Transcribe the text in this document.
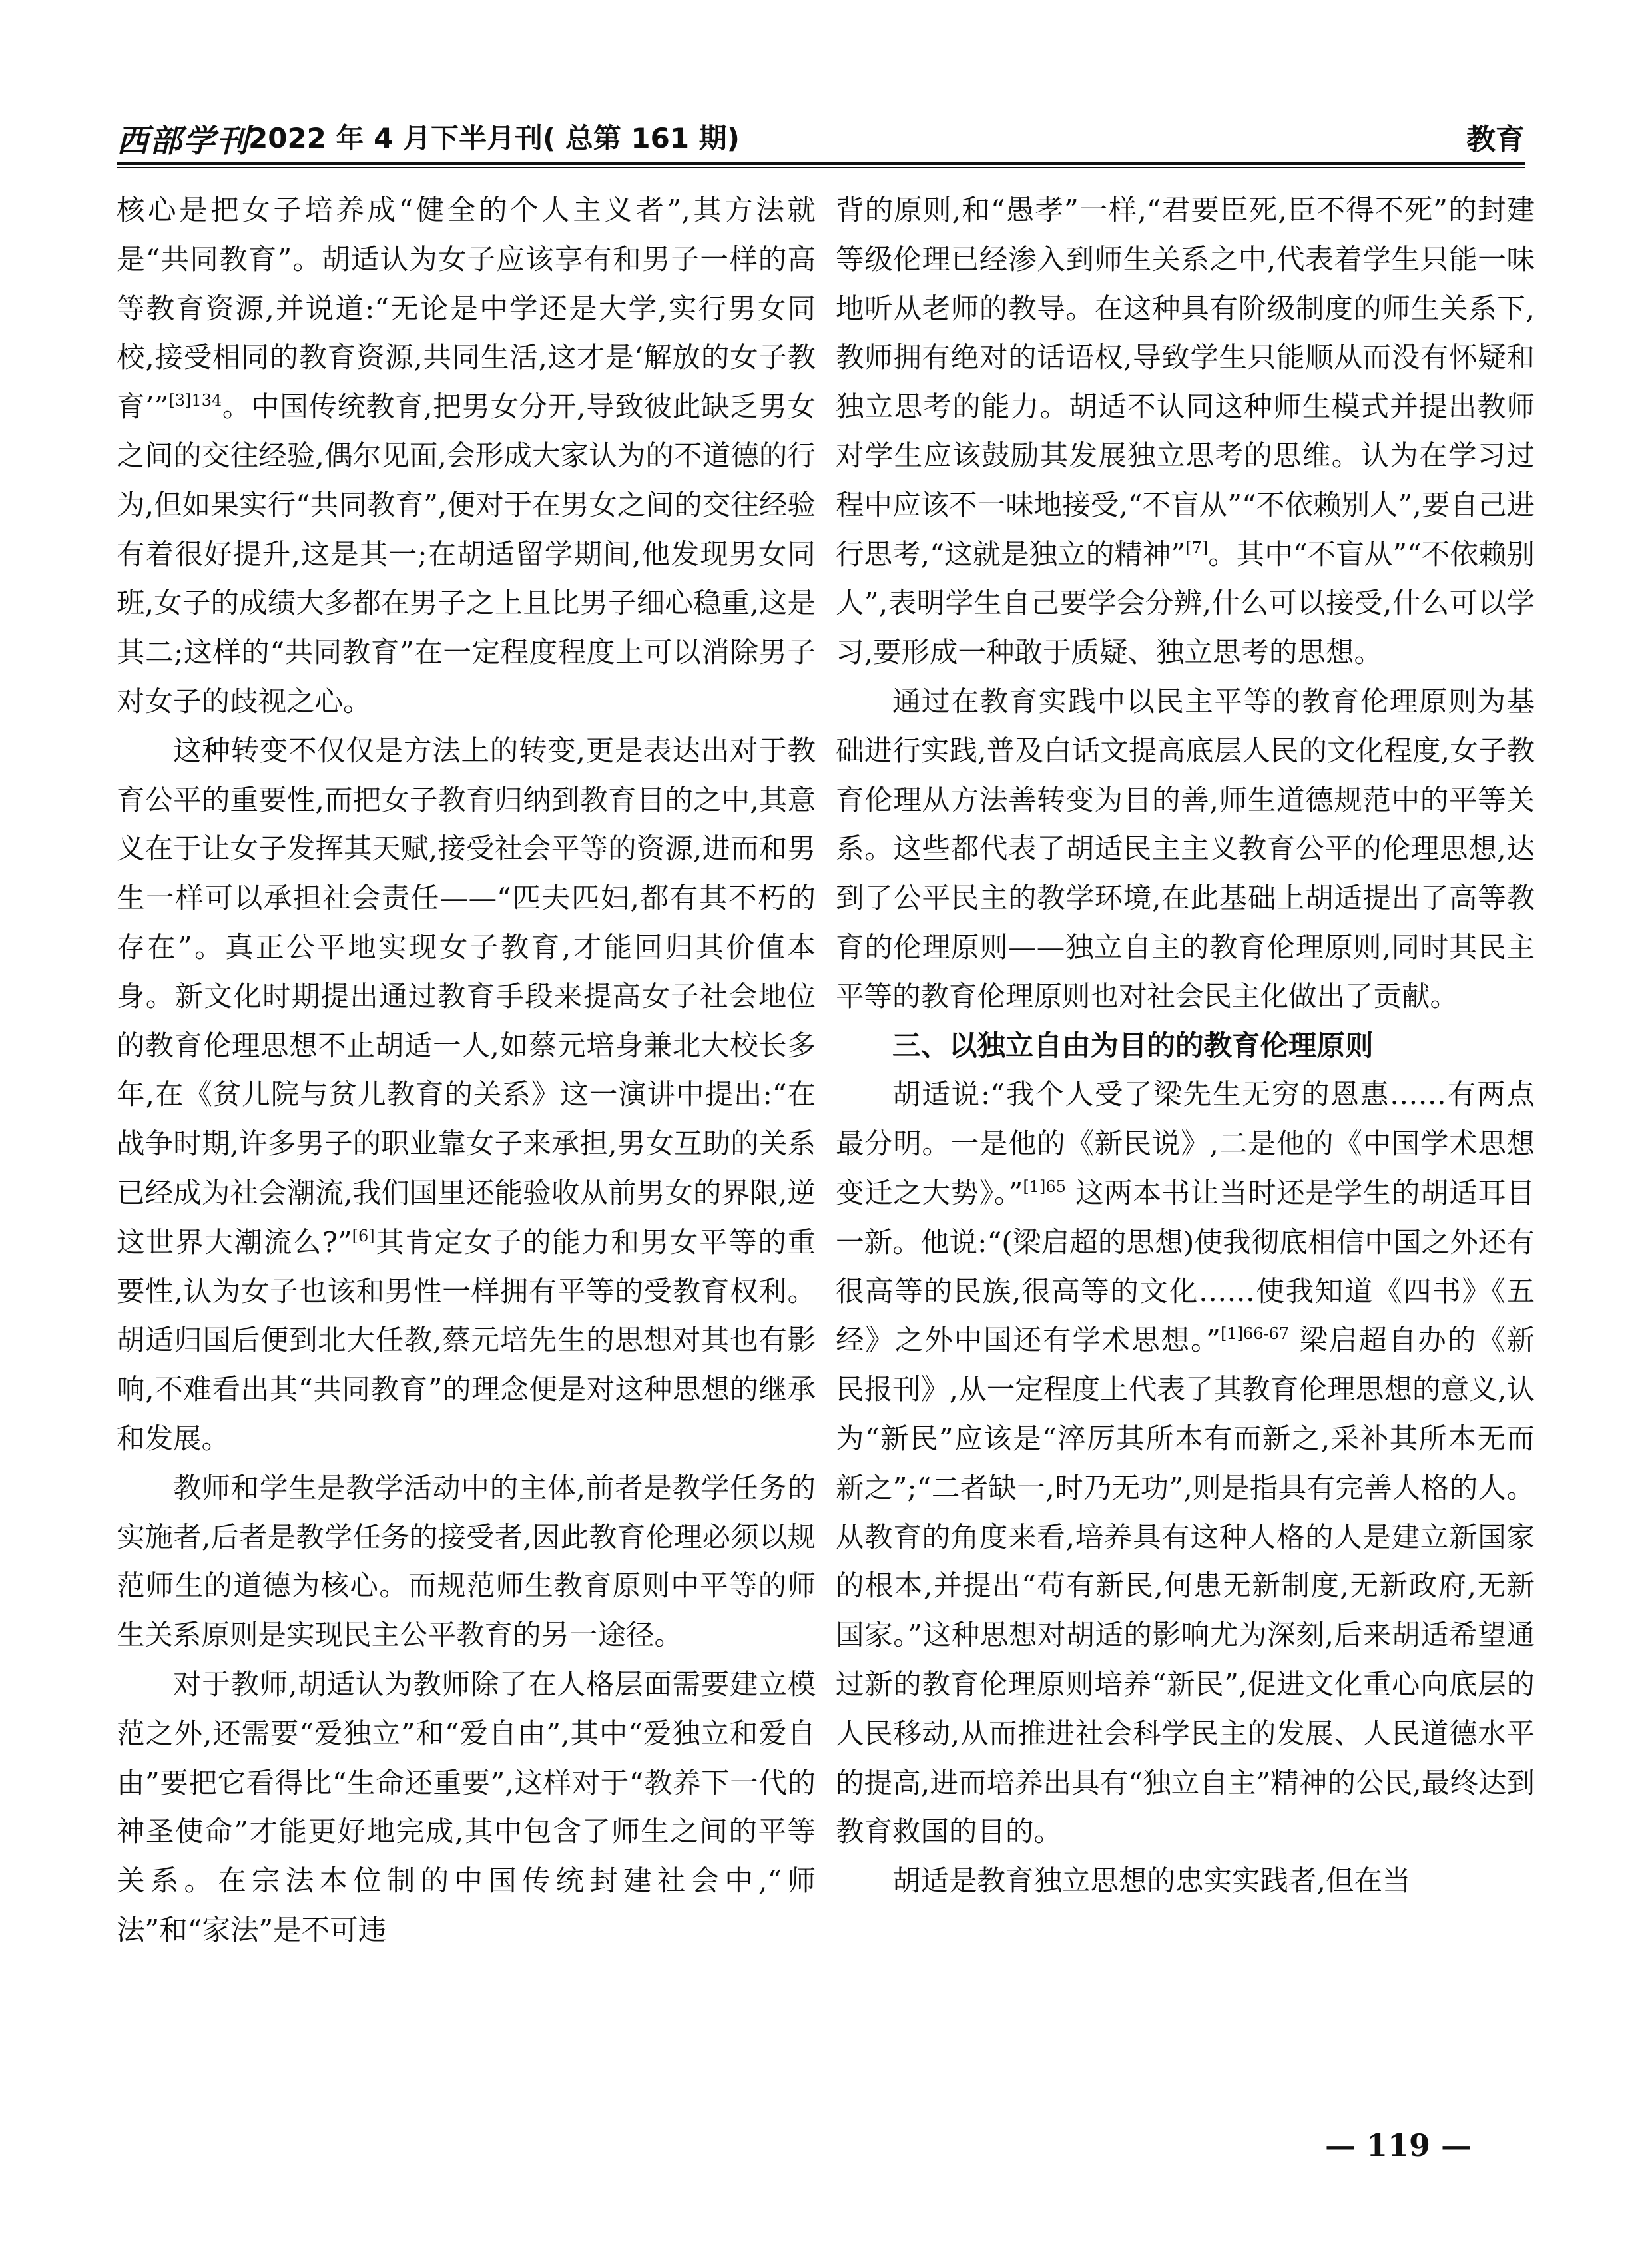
西部学刊
2022 年 4 月下半月刊( 总第 161 期)	教育

核心是把女子培养成“健全的个人主义者”,其方法就是“共同教育”。胡适认为女子应该享有和男子一样的高等教育资源,并说道:“无论是中学还是大学,实行男女同校,接受相同的教育资源,共同生活,这才是‘解放的女子教育’”$^{[3]134}$。中国传统教育,把男女分开,导致彼此缺乏男女之间的交往经验,偶尔见面,会形成大家认为的不道德的行为,但如果实行“共同教育”,便对于在男女之间的交往经验有着很好提升,这是其一;在胡适留学期间,他发现男女同班,女子的成绩大多都在男子之上且比男子细心稳重,这是其二;这样的“共同教育”在一定程度程度上可以消除男子对女子的歧视之心。

这种转变不仅仅是方法上的转变,更是表达出对于教育公平的重要性,而把女子教育归纳到教育目的之中,其意义在于让女子发挥其天赋,接受社会平等的资源,进而和男生一样可以承担社会责任——“匹夫匹妇,都有其不朽的存在”。真正公平地实现女子教育,才能回归其价值本身。新文化时期提出通过教育手段来提高女子社会地位的教育伦理思想不止胡适一人,如蔡元培身兼北大校长多年,在《贫儿院与贫儿教育的关系》这一演讲中提出:“在战争时期,许多男子的职业靠女子来承担,男女互助的关系已经成为社会潮流,我们国里还能验收从前男女的界限,逆这世界大潮流么?”[6]其肯定女子的能力和男女平等的重要性,认为女子也该和男性一样拥有平等的受教育权利。胡适归国后便到北大任教,蔡元培先生的思想对其也有影响,不难看出其“共同教育”的理念便是对这种思想的继承和发展。

教师和学生是教学活动中的主体,前者是教学任务的实施者,后者是教学任务的接受者,因此教育伦理必须以规范师生的道德为核心。而规范师生教育原则中平等的师生关系原则是实现民主公平教育的另一途径。

对于教师,胡适认为教师除了在人格层面需要建立模范之外,还需要“爱独立”和“爱自由”,其中“爱独立和爱自由”要把它看得比“生命还重要”,这样对于“教养下一代的神圣使命”才能更好地完成,其中包含了师生之间的平等关系。在宗法本位制的中国传统封建社会中,“师法”和“家法”是不可违

背的原则,和“愚孝”一样,“君要臣死,臣不得不死”的封建等级伦理已经渗入到师生关系之中,代表着学生只能一味地听从老师的教导。在这种具有阶级制度的师生关系下,教师拥有绝对的话语权,导致学生只能顺从而没有怀疑和独立思考的能力。胡适不认同这种师生模式并提出教师对学生应该鼓励其发展独立思考的思维。认为在学习过程中应该不一味地接受,“不盲从”“不依赖别人”,要自己进行思考,“这就是独立的精神”[7]。其中“不盲从”“不依赖别人”,表明学生自己要学会分辨,什么可以接受,什么可以学习,要形成一种敢于质疑、独立思考的思想。

通过在教育实践中以民主平等的教育伦理原则为基础进行实践,普及白话文提高底层人民的文化程度,女子教育伦理从方法善转变为目的善,师生道德规范中的平等关系。这些都代表了胡适民主主义教育公平的伦理思想,达到了公平民主的教学环境,在此基础上胡适提出了高等教育的伦理原则——独立自主的教育伦理原则,同时其民主平等的教育伦理原则也对社会民主化做出了贡献。

三、以独立自由为目的的教育伦理原则

胡适说:“我个人受了梁先生无穷的恩惠……有两点最分明。一是他的《新民说》,二是他的《中国学术思想变迁之大势》。”$^{[1]65}$ 这两本书让当时还是学生的胡适耳目一新。他说:“(梁启超的思想)使我彻底相信中国之外还有很高等的民族,很高等的文化……使我知道《四书》《五经》之外中国还有学术思想。”$^{[1]66-67}$ 梁启超自办的《新民报刊》,从一定程度上代表了其教育伦理思想的意义,认为“新民”应该是“淬厉其所本有而新之,采补其所本无而新之”;“二者缺一,时乃无功”,则是指具有完善人格的人。从教育的角度来看,培养具有这种人格的人是建立新国家的根本,并提出“苟有新民,何患无新制度,无新政府,无新国家。”这种思想对胡适的影响尤为深刻,后来胡适希望通过新的教育伦理原则培养“新民”,促进文化重心向底层的人民移动,从而推进社会科学民主的发展、人民道德水平的提高,进而培养出具有“独立自主”精神的公民,最终达到教育救国的目的。

胡适是教育独立思想的忠实实践者,但在当

— 119 —
